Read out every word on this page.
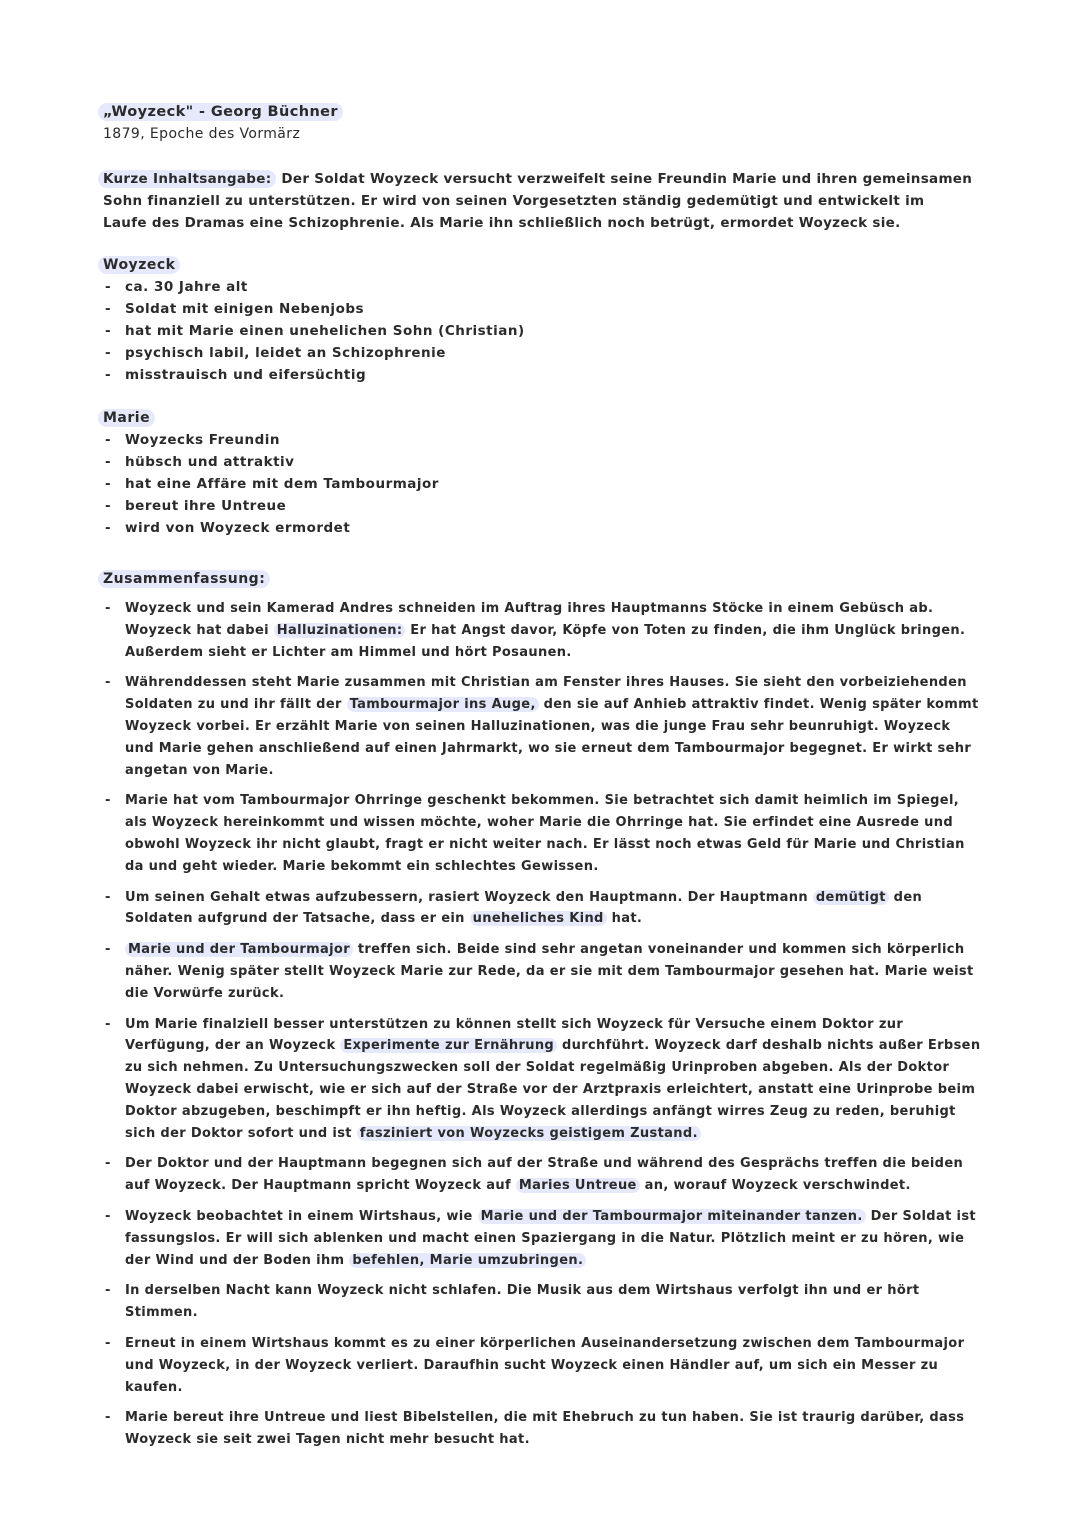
„Woyzeck" - Georg Büchner
1879, Epoche des Vormärz
Kurze Inhaltsangabe: Der Soldat Woyzeck versucht verzweifelt seine Freundin Marie und ihren gemeinsamen Sohn finanziell zu unterstützen. Er wird von seinen Vorgesetzten ständig gedemütigt und entwickelt im Laufe des Dramas eine Schizophrenie. Als Marie ihn schließlich noch betrügt, ermordet Woyzeck sie.
Woyzeck
- ca. 30 Jahre alt
- Soldat mit einigen Nebenjobs
- hat mit Marie einen unehelichen Sohn (Christian)
- psychisch labil, leidet an Schizophrenie
- misstrauisch und eifersüchtig
Marie
- Woyzecks Freundin
- hübsch und attraktiv
- hat eine Affäre mit dem Tambourmajor
- bereut ihre Untreue
- wird von Woyzeck ermordet
Zusammenfassung:
- Woyzeck und sein Kamerad Andres schneiden im Auftrag ihres Hauptmanns Stöcke in einem Gebüsch ab. Woyzeck hat dabei Halluzinationen: Er hat Angst davor, Köpfe von Toten zu finden, die ihm Unglück bringen. Außerdem sieht er Lichter am Himmel und hört Posaunen.
- Währenddessen steht Marie zusammen mit Christian am Fenster ihres Hauses. Sie sieht den vorbeiziehenden Soldaten zu und ihr fällt der Tambourmajor ins Auge, den sie auf Anhieb attraktiv findet. Wenig später kommt Woyzeck vorbei. Er erzählt Marie von seinen Halluzinationen, was die junge Frau sehr beunruhigt. Woyzeck und Marie gehen anschließend auf einen Jahrmarkt, wo sie erneut dem Tambourmajor begegnet. Er wirkt sehr angetan von Marie.
- Marie hat vom Tambourmajor Ohrringe geschenkt bekommen. Sie betrachtet sich damit heimlich im Spiegel, als Woyzeck hereinkommt und wissen möchte, woher Marie die Ohrringe hat. Sie erfindet eine Ausrede und obwohl Woyzeck ihr nicht glaubt, fragt er nicht weiter nach. Er lässt noch etwas Geld für Marie und Christian da und geht wieder. Marie bekommt ein schlechtes Gewissen.
- Um seinen Gehalt etwas aufzubessern, rasiert Woyzeck den Hauptmann. Der Hauptmann demütigt den Soldaten aufgrund der Tatsache, dass er ein uneheliches Kind hat.
- Marie und der Tambourmajor treffen sich. Beide sind sehr angetan voneinander und kommen sich körperlich näher. Wenig später stellt Woyzeck Marie zur Rede, da er sie mit dem Tambourmajor gesehen hat. Marie weist die Vorwürfe zurück.
- Um Marie finalziell besser unterstützen zu können stellt sich Woyzeck für Versuche einem Doktor zur Verfügung, der an Woyzeck Experimente zur Ernährung durchführt. Woyzeck darf deshalb nichts außer Erbsen zu sich nehmen. Zu Untersuchungszwecken soll der Soldat regelmäßig Urinproben abgeben. Als der Doktor Woyzeck dabei erwischt, wie er sich auf der Straße vor der Arztpraxis erleichtert, anstatt eine Urinprobe beim Doktor abzugeben, beschimpft er ihn heftig. Als Woyzeck allerdings anfängt wirres Zeug zu reden, beruhigt sich der Doktor sofort und ist fasziniert von Woyzecks geistigem Zustand.
- Der Doktor und der Hauptmann begegnen sich auf der Straße und während des Gesprächs treffen die beiden auf Woyzeck. Der Hauptmann spricht Woyzeck auf Maries Untreue an, worauf Woyzeck verschwindet.
- Woyzeck beobachtet in einem Wirtshaus, wie Marie und der Tambourmajor miteinander tanzen. Der Soldat ist fassungslos. Er will sich ablenken und macht einen Spaziergang in die Natur. Plötzlich meint er zu hören, wie der Wind und der Boden ihm befehlen, Marie umzubringen.
- In derselben Nacht kann Woyzeck nicht schlafen. Die Musik aus dem Wirtshaus verfolgt ihn und er hört Stimmen.
- Erneut in einem Wirtshaus kommt es zu einer körperlichen Auseinandersetzung zwischen dem Tambourmajor und Woyzeck, in der Woyzeck verliert. Daraufhin sucht Woyzeck einen Händler auf, um sich ein Messer zu kaufen.
- Marie bereut ihre Untreue und liest Bibelstellen, die mit Ehebruch zu tun haben. Sie ist traurig darüber, dass Woyzeck sie seit zwei Tagen nicht mehr besucht hat.
